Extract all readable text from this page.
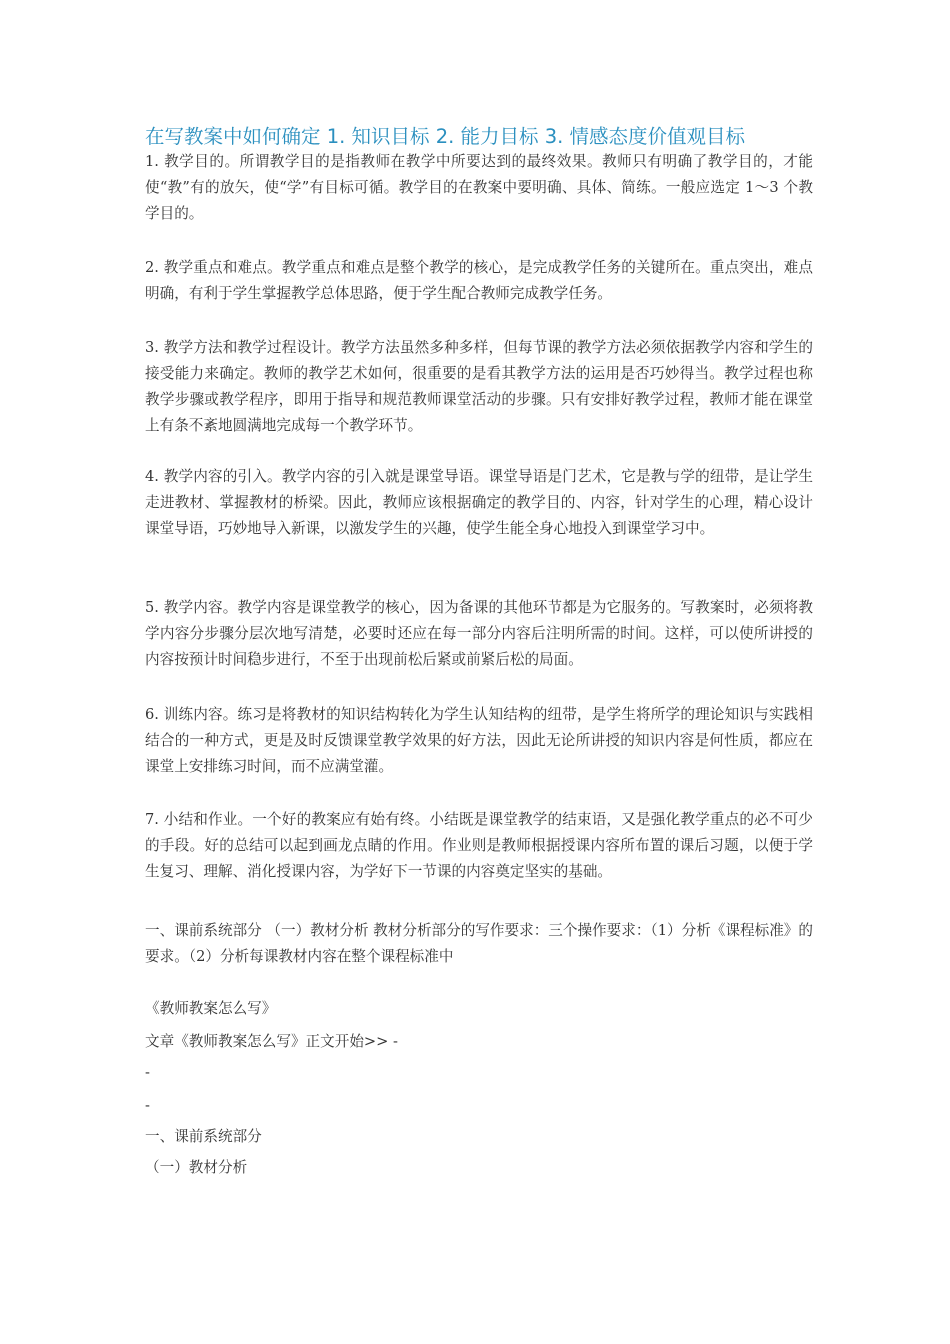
在写教案中如何确定 1. 知识目标 2. 能力目标 3. 情感态度价值观目标
1. 教学目的。所谓教学目的是指教师在教学中所要达到的最终效果。教师只有明确了教学目的，才能使“教”有的放矢，使“学”有目标可循。教学目的在教案中要明确、具体、简练。一般应选定 1～3 个教学目的。
2. 教学重点和难点。教学重点和难点是整个教学的核心，是完成教学任务的关键所在。重点突出，难点明确，有利于学生掌握教学总体思路，便于学生配合教师完成教学任务。
3. 教学方法和教学过程设计。教学方法虽然多种多样，但每节课的教学方法必须依据教学内容和学生的接受能力来确定。教师的教学艺术如何，很重要的是看其教学方法的运用是否巧妙得当。教学过程也称教学步骤或教学程序，即用于指导和规范教师课堂活动的步骤。只有安排好教学过程，教师才能在课堂上有条不紊地圆满地完成每一个教学环节。
4. 教学内容的引入。教学内容的引入就是课堂导语。课堂导语是门艺术，它是教与学的纽带，是让学生走进教材、掌握教材的桥梁。因此，教师应该根据确定的教学目的、内容，针对学生的心理，精心设计课堂导语，巧妙地导入新课，以激发学生的兴趣，使学生能全身心地投入到课堂学习中。
5. 教学内容。教学内容是课堂教学的核心，因为备课的其他环节都是为它服务的。写教案时，必须将教学内容分步骤分层次地写清楚，必要时还应在每一部分内容后注明所需的时间。这样，可以使所讲授的内容按预计时间稳步进行，不至于出现前松后紧或前紧后松的局面。
6. 训练内容。练习是将教材的知识结构转化为学生认知结构的纽带，是学生将所学的理论知识与实践相结合的一种方式，更是及时反馈课堂教学效果的好方法，因此无论所讲授的知识内容是何性质，都应在课堂上安排练习时间，而不应满堂灌。
7. 小结和作业。一个好的教案应有始有终。小结既是课堂教学的结束语，又是强化教学重点的必不可少的手段。好的总结可以起到画龙点睛的作用。作业则是教师根据授课内容所布置的课后习题，以便于学生复习、理解、消化授课内容，为学好下一节课的内容奠定坚实的基础。
一、课前系统部分 （一）教材分析 教材分析部分的写作要求：三个操作要求：（1）分析《课程标准》的要求。（2）分析每课教材内容在整个课程标准中
《教师教案怎么写》
文章《教师教案怎么写》正文开始>> -
-
-
一、课前系统部分
（一）教材分析
